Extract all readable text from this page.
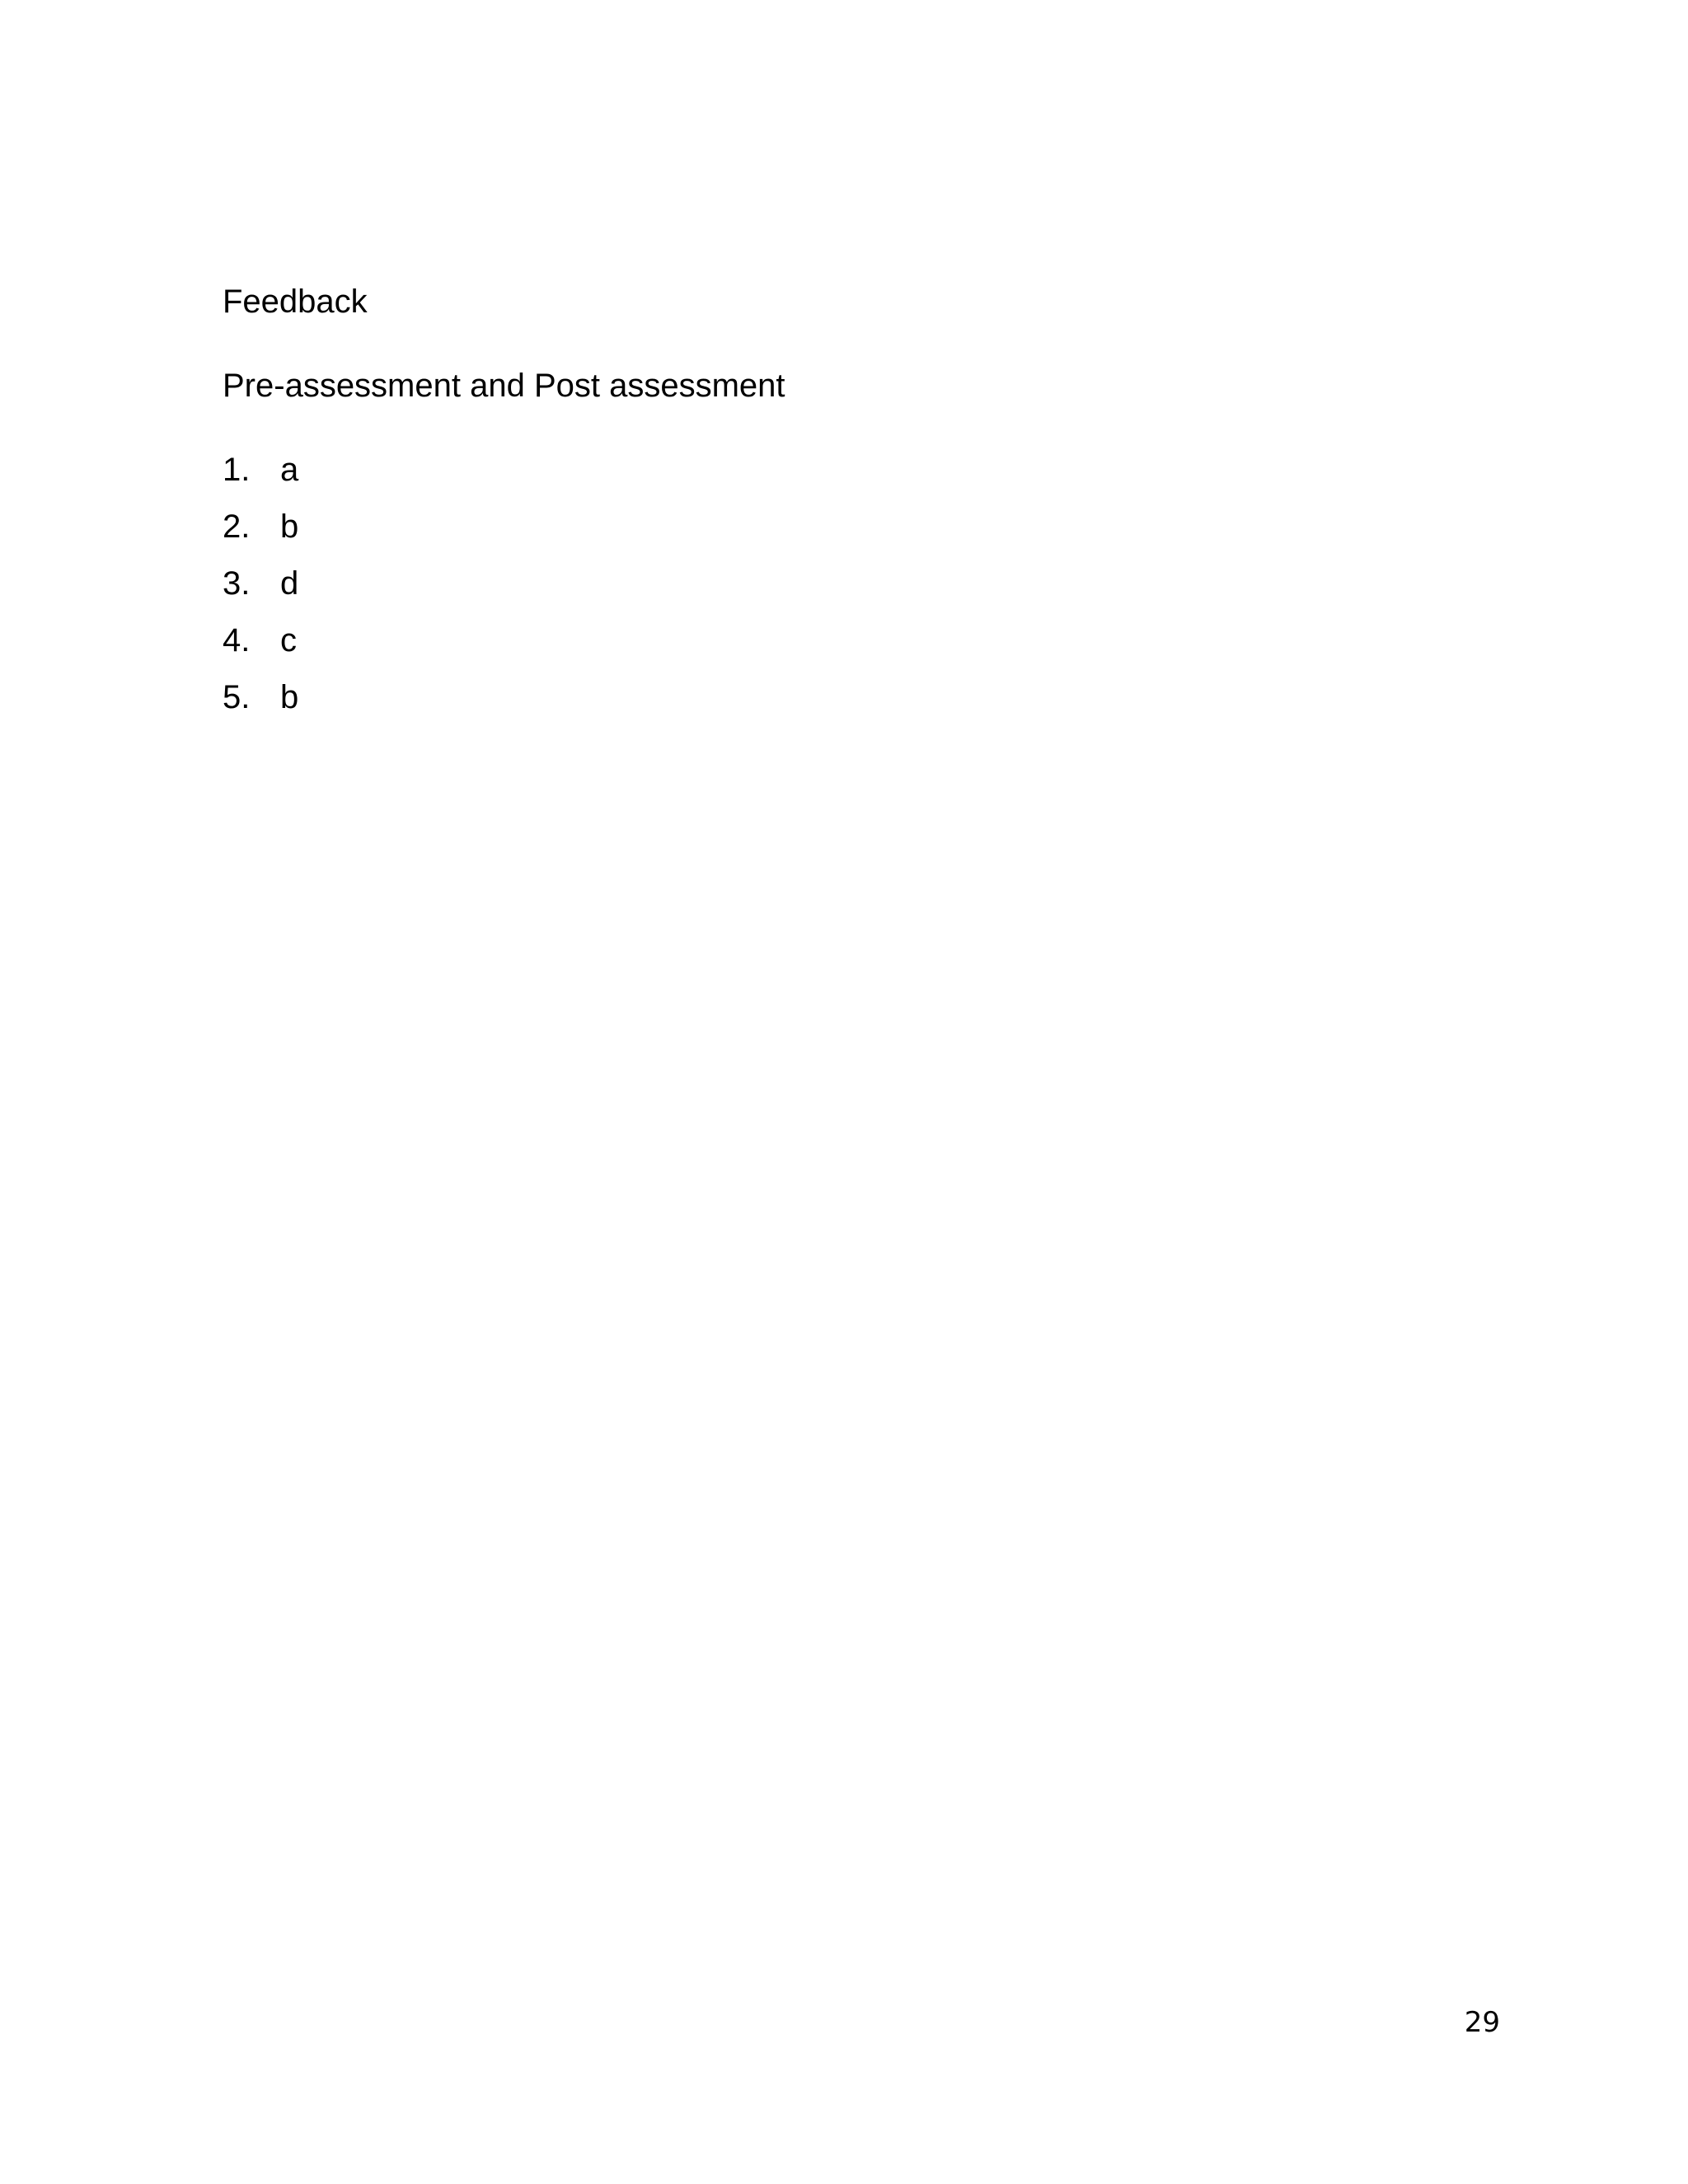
Feedback
Pre-assessment and Post assessment
1. a
2. b
3. d
4. c
5. b
29
